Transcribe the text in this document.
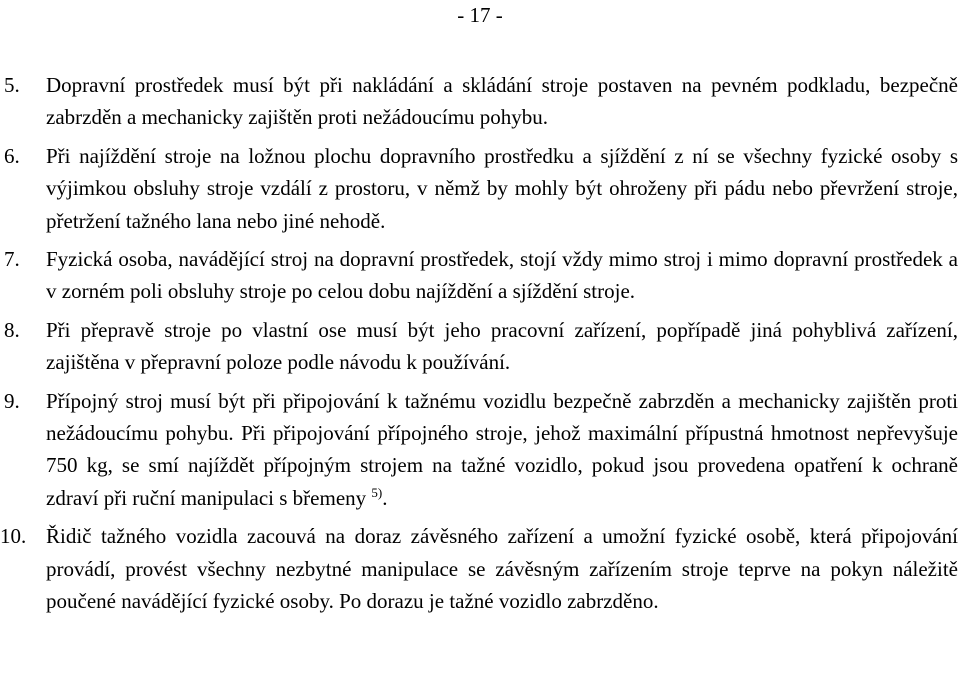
- 17 -
5. Dopravní prostředek musí být při nakládání a skládání stroje postaven na pevném podkladu, bezpečně zabrzděn a mechanicky zajištěn proti nežádoucímu pohybu.
6. Při najíždění stroje na ložnou plochu dopravního prostředku a sjíždění z ní se všechny fyzické osoby s výjimkou obsluhy stroje vzdálí z prostoru, v němž by mohly být ohroženy při pádu nebo převržení stroje, přetržení tažného lana nebo jiné nehodě.
7. Fyzická osoba, navádějící stroj na dopravní prostředek, stojí vždy mimo stroj i mimo dopravní prostředek a v zorném poli obsluhy stroje po celou dobu najíždění a sjíždění stroje.
8. Při přepravě stroje po vlastní ose musí být jeho pracovní zařízení, popřípadě jiná pohyblivá zařízení, zajištěna v přepravní poloze podle návodu k používání.
9. Přípojný stroj musí být při připojování k tažnému vozidlu bezpečně zabrzděn a mechanicky zajištěn proti nežádoucímu pohybu. Při připojování přípojného stroje, jehož maximální přípustná hmotnost nepřevyšuje 750 kg, se smí najíždět přípojným strojem na tažné vozidlo, pokud jsou provedena opatření k ochraně zdraví při ruční manipulaci s břemeny $^{5)}$.
10. Řidič tažného vozidla zacouvá na doraz závěsného zařízení a umožní fyzické osobě, která připojování provádí, provést všechny nezbytné manipulace se závěsným zařízením stroje teprve na pokyn náležitě poučené navádějící fyzické osoby. Po dorazu je tažné vozidlo zabrzděno.
